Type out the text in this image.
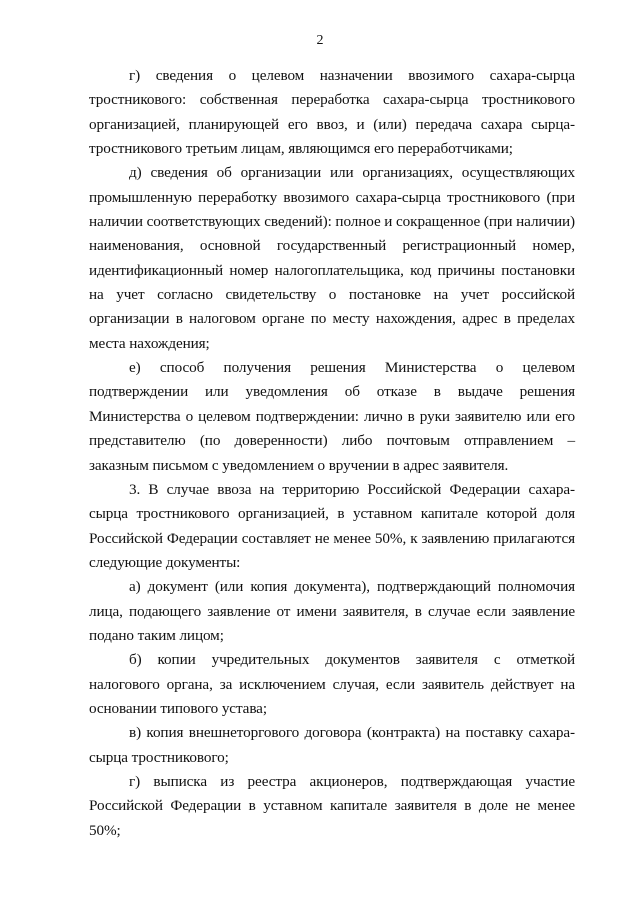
2

г) сведения о целевом назначении ввозимого сахара-сырца тростникового: собственная переработка сахара-сырца тростникового организацией, планирующей его ввоз, и (или) передача сахара сырца-тростникового третьим лицам, являющимся его переработчиками;

д) сведения об организации или организациях, осуществляющих промышленную переработку ввозимого сахара-сырца тростникового (при наличии соответствующих сведений): полное и сокращенное (при наличии) наименования, основной государственный регистрационный номер, идентификационный номер налогоплательщика, код причины постановки на учет согласно свидетельству о постановке на учет российской организации в налоговом органе по месту нахождения, адрес в пределах места нахождения;

е) способ получения решения Министерства о целевом подтверждении или уведомления об отказе в выдаче решения Министерства о целевом подтверждении: лично в руки заявителю или его представителю (по доверенности) либо почтовым отправлением – заказным письмом с уведомлением о вручении в адрес заявителя.

3. В случае ввоза на территорию Российской Федерации сахара-сырца тростникового организацией, в уставном капитале которой доля Российской Федерации составляет не менее 50%, к заявлению прилагаются следующие документы:

а) документ (или копия документа), подтверждающий полномочия лица, подающего заявление от имени заявителя, в случае если заявление подано таким лицом;

б) копии учредительных документов заявителя с отметкой налогового органа, за исключением случая, если заявитель действует на основании типового устава;

в) копия внешнеторгового договора (контракта) на поставку сахара-сырца тростникового;

г) выписка из реестра акционеров, подтверждающая участие Российской Федерации в уставном капитале заявителя в доле не менее 50%;
